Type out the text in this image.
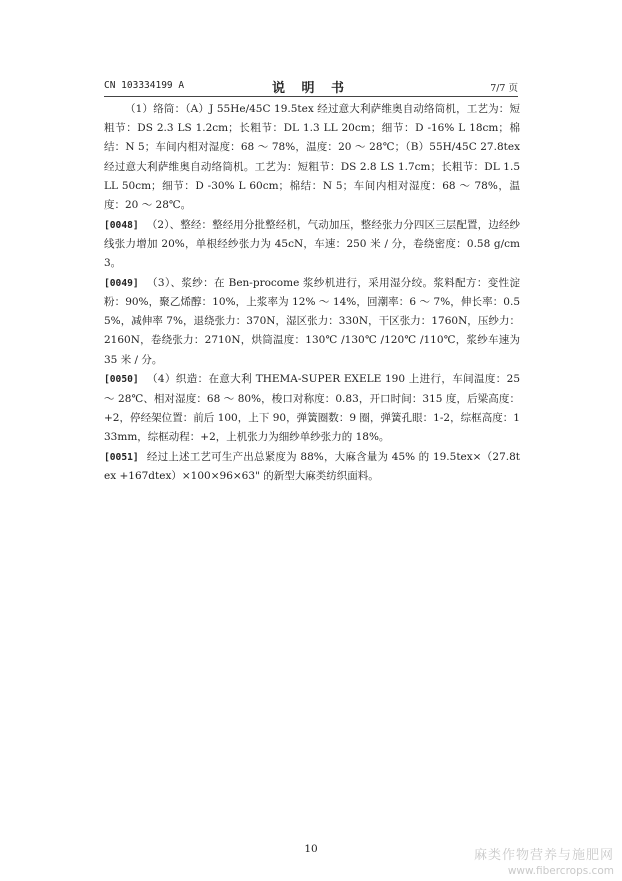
CN 103334199 A	说 明 书	7/7 页

（1）络筒：（A）J 55He/45C 19.5tex 经过意大利萨维奥自动络筒机，工艺为：短粗节：DS 2.3 LS 1.2cm；长粗节：DL 1.3 LL 20cm；细节：D -16% L 18cm；棉结：N 5；车间内相对湿度：68 ～ 78%，温度：20 ～ 28℃；（B）55H/45C 27.8tex 经过意大利萨维奥自动络筒机。工艺为：短粗节：DS 2.8 LS 1.7cm；长粗节：DL 1.5 LL 50cm；细节：D -30% L 60cm；棉结：N 5；车间内相对湿度：68 ～ 78%，温度：20 ～ 28℃。

[0048] （2）、整经：整经用分批整经机，气动加压，整经张力分四区三层配置，边经纱线张力增加 20%，单根经纱张力为 45cN，车速：250 米 / 分，卷绕密度：0.58 g/cm3。

[0049] （3）、浆纱：在 Ben-procome 浆纱机进行，采用湿分绞。浆料配方：变性淀粉：90%，聚乙烯醇：10%，上浆率为 12% ～ 14%，回潮率：6 ～ 7%，伸长率：0.55%，减伸率 7%，退绕张力：370N，湿区张力：330N，干区张力：1760N，压纱力：2160N，卷绕张力：2710N，烘筒温度：130℃ /130℃ /120℃ /110℃，浆纱车速为 35 米 / 分。

[0050] （4）织造：在意大利 THEMA-SUPER EXELE 190 上进行，车间温度：25 ～ 28℃、相对湿度：68 ～ 80%，梭口对称度：0.83，开口时间：315 度，后梁高度：+2，停经架位置：前后 100，上下 90，弹簧圈数：9 圈，弹簧孔眼：1-2，综框高度：133mm，综框动程：+2，上机张力为细纱单纱张力的 18%。

[0051] 经过上述工艺可生产出总紧度为 88%，大麻含量为 45% 的 19.5tex×（27.8tex +167dtex）×100×96×63" 的新型大麻类纺织面料。

10	麻类作物营养与施肥网
www.fibercrops.com
